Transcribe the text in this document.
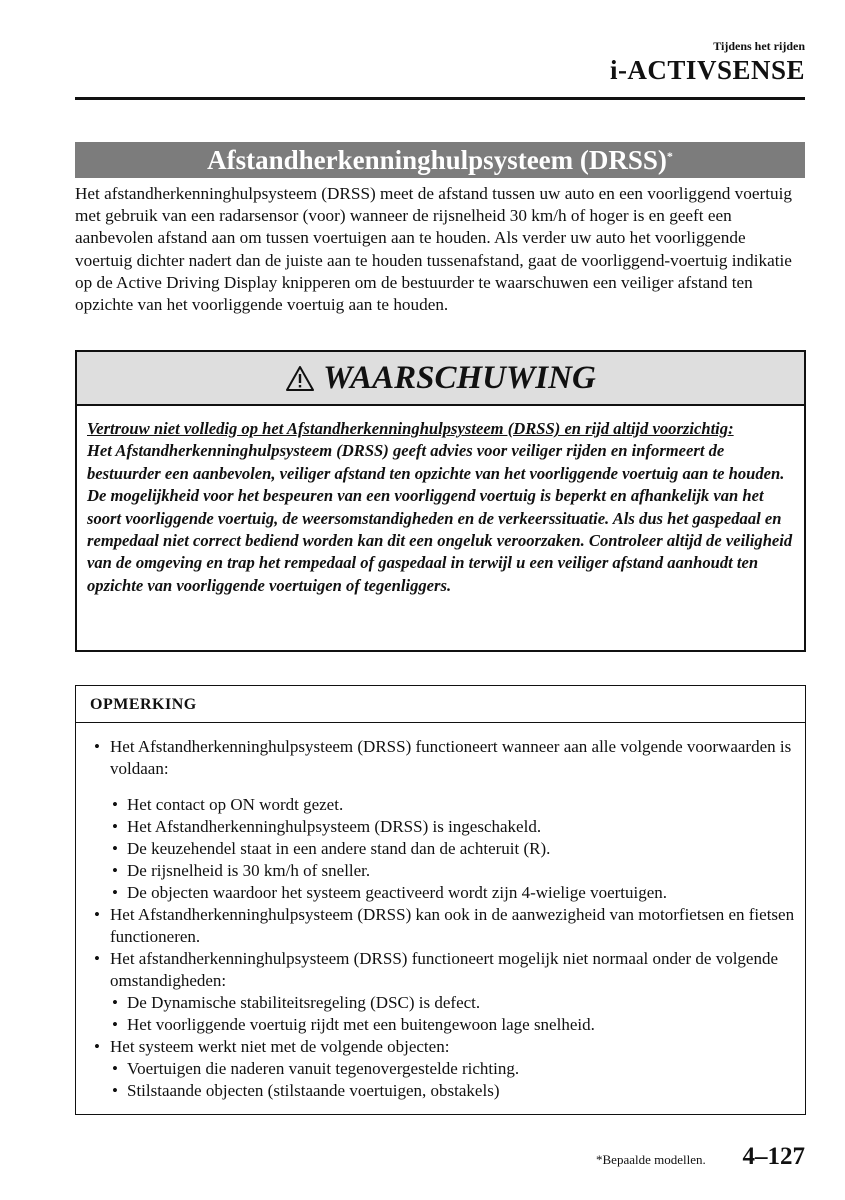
Tijdens het rijden
i-ACTIVSENSE
Afstandherkenninghulpsysteem (DRSS)*

Het afstandherkenninghulpsysteem (DRSS) meet de afstand tussen uw auto en een voorliggend voertuig met gebruik van een radarsensor (voor) wanneer de rijsnelheid 30 km/h of hoger is en geeft een aanbevolen afstand aan om tussen voertuigen aan te houden. Als verder uw auto het voorliggende voertuig dichter nadert dan de juiste aan te houden tussenafstand, gaat de voorliggend-voertuig indikatie op de Active Driving Display knipperen om de bestuurder te waarschuwen een veiliger afstand ten opzichte van het voorliggende voertuig aan te houden.

WAARSCHUWING

Vertrouw niet volledig op het Afstandherkenninghulpsysteem (DRSS) en rijd altijd voorzichtig:

Het Afstandherkenninghulpsysteem (DRSS) geeft advies voor veiliger rijden en informeert de bestuurder een aanbevolen, veiliger afstand ten opzichte van het voorliggende voertuig aan te houden. De mogelijkheid voor het bespeuren van een voorliggend voertuig is beperkt en afhankelijk van het soort voorliggende voertuig, de weersomstandigheden en de verkeerssituatie. Als dus het gaspedaal en rempedaal niet correct bediend worden kan dit een ongeluk veroorzaken. Controleer altijd de veiligheid van de omgeving en trap het rempedaal of gaspedaal in terwijl u een veiliger afstand aanhoudt ten opzichte van voorliggende voertuigen of tegenliggers.

OPMERKING
• Het Afstandherkenninghulpsysteem (DRSS) functioneert wanneer aan alle volgende voorwaarden is voldaan:
• Het contact op ON wordt gezet.
• Het Afstandherkenninghulpsysteem (DRSS) is ingeschakeld.
• De keuzehendel staat in een andere stand dan de achteruit (R).
• De rijsnelheid is 30 km/h of sneller.
• De objecten waardoor het systeem geactiveerd wordt zijn 4-wielige voertuigen.
• Het Afstandherkenninghulpsysteem (DRSS) kan ook in de aanwezigheid van motorfietsen en fietsen functioneren.
• Het afstandherkenninghulpsysteem (DRSS) functioneert mogelijk niet normaal onder de volgende omstandigheden:
• De Dynamische stabiliteitsregeling (DSC) is defect.
• Het voorliggende voertuig rijdt met een buitengewoon lage snelheid.
• Het systeem werkt niet met de volgende objecten:
• Voertuigen die naderen vanuit tegenovergestelde richting.
• Stilstaande objecten (stilstaande voertuigen, obstakels)
*Bepaalde modellen. 4–127
